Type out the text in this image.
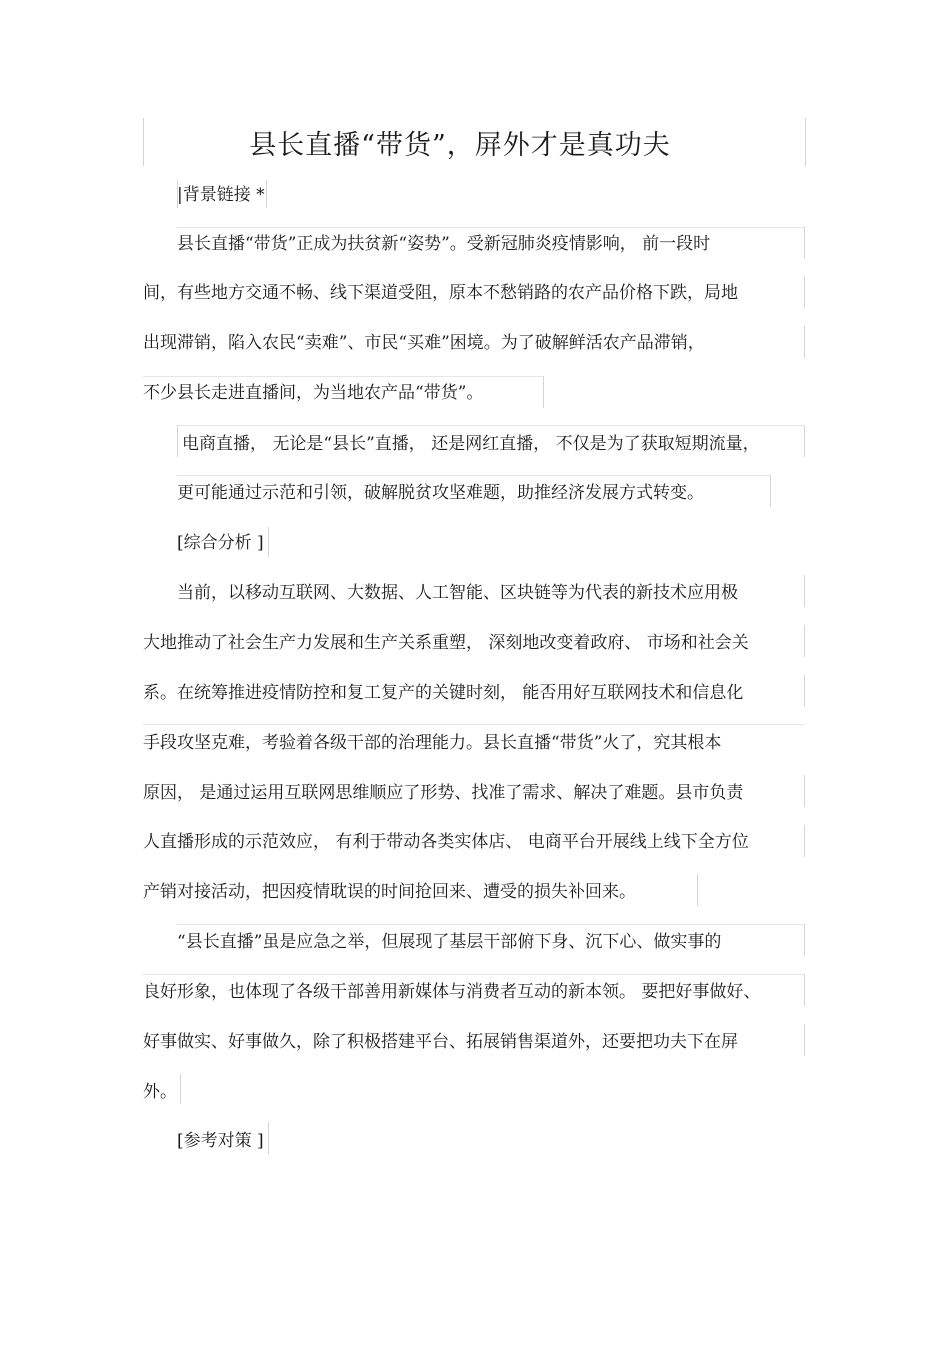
县长直播“带货”，屏外才是真功夫
|背景链接 *
县长直播“带货”正成为扶贫新“姿势”。受新冠肺炎疫情影响， 前一段时
间，有些地方交通不畅、线下渠道受阻，原本不愁销路的农产品价格下跌，局地
出现滞销，陷入农民“卖难”、市民“买难”困境。为了破解鲜活农产品滞销，
不少县长走进直播间，为当地农产品“带货”。
电商直播， 无论是“县长”直播， 还是网红直播， 不仅是为了获取短期流量，
更可能通过示范和引领，破解脱贫攻坚难题，助推经济发展方式转变。
[综合分析 ]
当前，以移动互联网、大数据、人工智能、区块链等为代表的新技术应用极
大地推动了社会生产力发展和生产关系重塑， 深刻地改变着政府、 市场和社会关
系。在统筹推进疫情防控和复工复产的关键时刻， 能否用好互联网技术和信息化
手段攻坚克难，考验着各级干部的治理能力。县长直播“带货”火了，究其根本
原因， 是通过运用互联网思维顺应了形势、找准了需求、解决了难题。县市负责
人直播形成的示范效应， 有利于带动各类实体店、 电商平台开展线上线下全方位
产销对接活动，把因疫情耽误的时间抢回来、遭受的损失补回来。
“县长直播”虽是应急之举，但展现了基层干部俯下身、沉下心、做实事的
良好形象，也体现了各级干部善用新媒体与消费者互动的新本领。 要把好事做好、
好事做实、好事做久，除了积极搭建平台、拓展销售渠道外，还要把功夫下在屏
外。
[参考对策 ]
